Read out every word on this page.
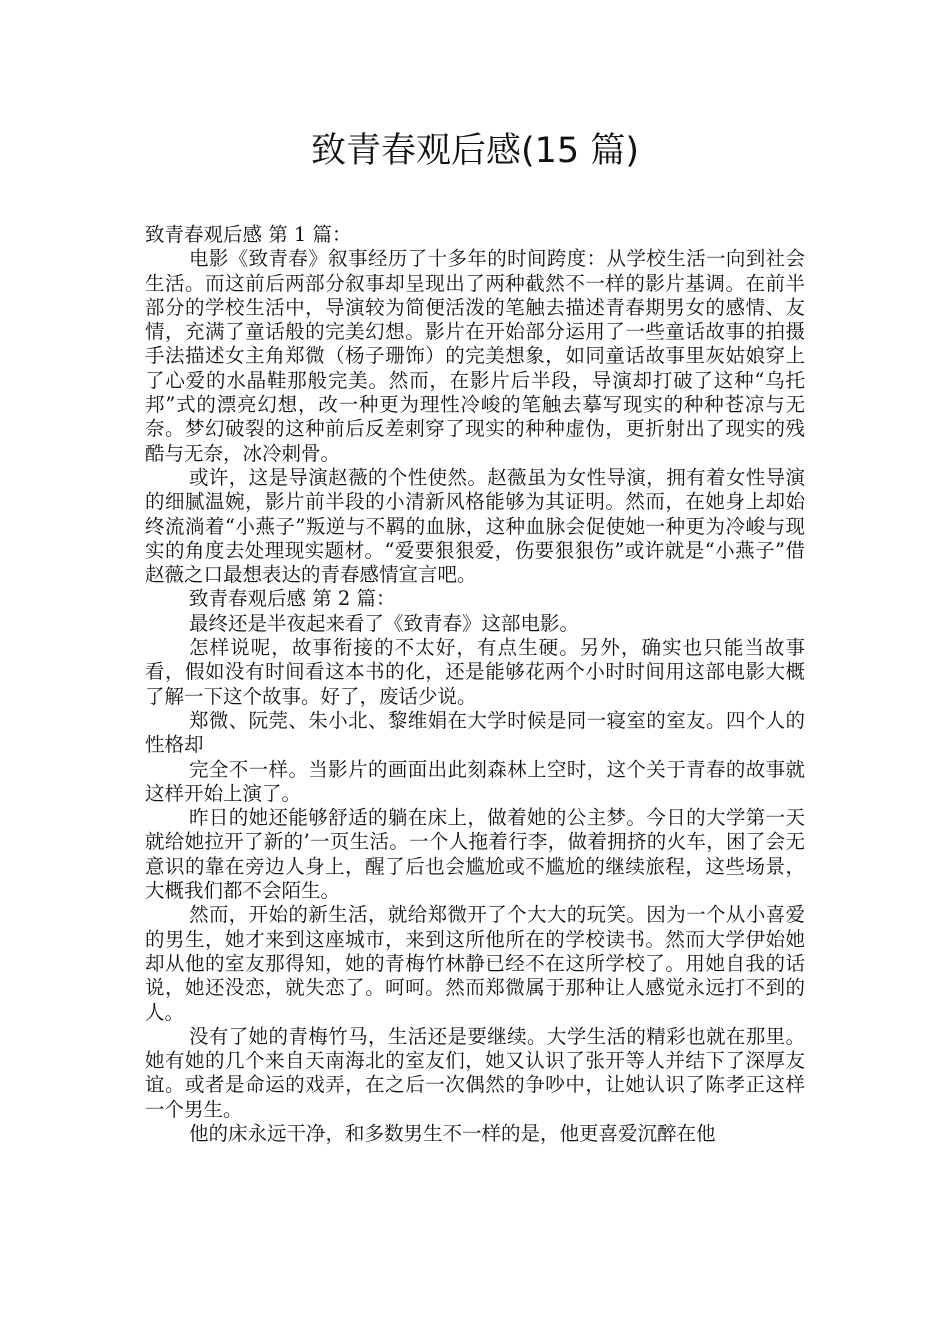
致青春观后感(15 篇)

致青春观后感 第 1 篇：

电影《致青春》叙事经历了十多年的时间跨度：从学校生活一向到社会生活。而这前后两部分叙事却呈现出了两种截然不一样的影片基调。在前半部分的学校生活中，导演较为简便活泼的笔触去描述青春期男女的感情、友情，充满了童话般的完美幻想。影片在开始部分运用了一些童话故事的拍摄手法描述女主角郑微（杨子珊饰）的完美想象，如同童话故事里灰姑娘穿上了心爱的水晶鞋那般完美。然而，在影片后半段，导演却打破了这种“乌托邦”式的漂亮幻想，改一种更为理性冷峻的笔触去摹写现实的种种苍凉与无奈。梦幻破裂的这种前后反差刺穿了现实的种种虚伪，更折射出了现实的残酷与无奈，冰冷刺骨。

或许，这是导演赵薇的个性使然。赵薇虽为女性导演，拥有着女性导演的细腻温婉，影片前半段的小清新风格能够为其证明。然而，在她身上却始终流淌着“小燕子”叛逆与不羁的血脉，这种血脉会促使她一种更为冷峻与现实的角度去处理现实题材。“爱要狠狠爱，伤要狠狠伤”或许就是“小燕子”借赵薇之口最想表达的青春感情宣言吧。

致青春观后感 第 2 篇：

最终还是半夜起来看了《致青春》这部电影。

怎样说呢，故事衔接的不太好，有点生硬。另外，确实也只能当故事看，假如没有时间看这本书的化，还是能够花两个小时时间用这部电影大概了解一下这个故事。好了，废话少说。

郑微、阮莞、朱小北、黎维娟在大学时候是同一寝室的室友。四个人的性格却

完全不一样。当影片的画面出此刻森林上空时，这个关于青春的故事就这样开始上演了。

昨日的她还能够舒适的躺在床上，做着她的公主梦。今日的大学第一天就给她拉开了新的’一页生活。一个人拖着行李，做着拥挤的火车，困了会无意识的靠在旁边人身上，醒了后也会尴尬或不尴尬的继续旅程，这些场景，大概我们都不会陌生。

然而，开始的新生活，就给郑微开了个大大的玩笑。因为一个从小喜爱的男生，她才来到这座城市，来到这所他所在的学校读书。然而大学伊始她却从他的室友那得知，她的青梅竹林静已经不在这所学校了。用她自我的话说，她还没恋，就失恋了。呵呵。然而郑微属于那种让人感觉永远打不到的人。

没有了她的青梅竹马，生活还是要继续。大学生活的精彩也就在那里。她有她的几个来自天南海北的室友们，她又认识了张开等人并结下了深厚友谊。或者是命运的戏弄，在之后一次偶然的争吵中，让她认识了陈孝正这样一个男生。

他的床永远干净，和多数男生不一样的是，他更喜爱沉醉在他
